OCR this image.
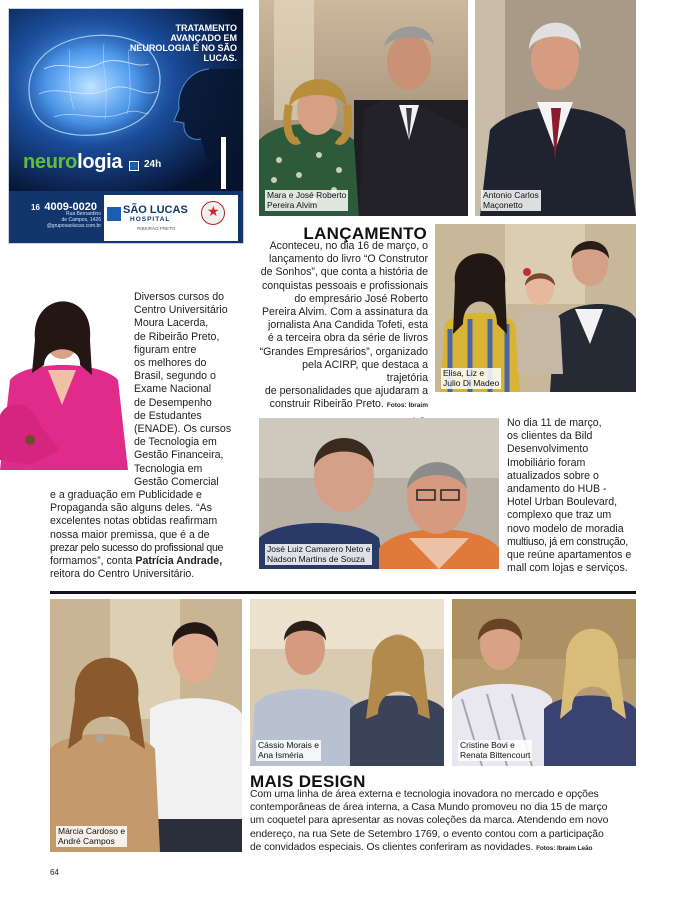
TRATAMENTO AVANÇADO EM NEUROLOGIA É NO SÃO LUCAS.
neurologia 24h
16 4009-0020
Rua Bernardino
de Campos, 1426
@gruposaolucas.com.br
SÃO LUCAS
HOSPITAL
RIBEIRÃO PRETO
★
Mara e José Roberto
Pereira Alvim
Antonio Carlos
Maçonetto
LANÇAMENTO
Aconteceu, no dia 16 de março, o
lançamento do livro “O Construtor
de Sonhos”, que conta a história de
conquistas pessoais e profissionais
do empresário José Roberto
Pereira Alvim. Com a assinatura da
jornalista Ana Candida Tofeti, esta
é a terceira obra da série de livros
“Grandes Empresários”, organizado
pela ACIRP, que destaca a trajetória
de personalidades que ajudaram a
construir Ribeirão Preto. Fotos: Ibraim
Elisa, Liz e
Julio Di Madeo
Diversos cursos do
Centro Universitário
Moura Lacerda,
de Ribeirão Preto,
figuram entre
os melhores do
Brasil, segundo o
Exame Nacional
de Desempenho
de Estudantes
(ENADE). Os cursos
de Tecnologia em
Gestão Financeira,
Tecnologia em
Gestão Comercial
e a graduação em Publicidade e
Propaganda são alguns deles. “As
excelentes notas obtidas reafirmam
nossa maior premissa, que é a de
prezar pelo sucesso do profissional que
formamos”, conta Patrícia Andrade,
reitora do Centro Universitário.
José Luiz Camarero Neto e
Nadson Martins de Souza
No dia 11 de março,
os clientes da Bild
Desenvolvimento
Imobiliário foram
atualizados sobre o
andamento do HUB -
Hotel Urban Boulevard,
complexo que traz um
novo modelo de moradia
multiuso, já em construção,
que reúne apartamentos e
mall com lojas e serviços.
Márcia Cardoso e
André Campos
Cássio Morais e
Ana Isméria
Cristine Bovi e
Renata Bittencourt
MAIS DESIGN
Com uma linha de área externa e tecnologia inovadora no mercado e opções
contemporâneas de área interna, a Casa Mundo promoveu no dia 15 de março
um coquetel para apresentar as novas coleções da marca. Atendendo em novo
endereço, na rua Sete de Setembro 1769, o evento contou com a participação
de convidados especiais. Os clientes conferiram as novidades. Fotos: Ibraim Leão
64
